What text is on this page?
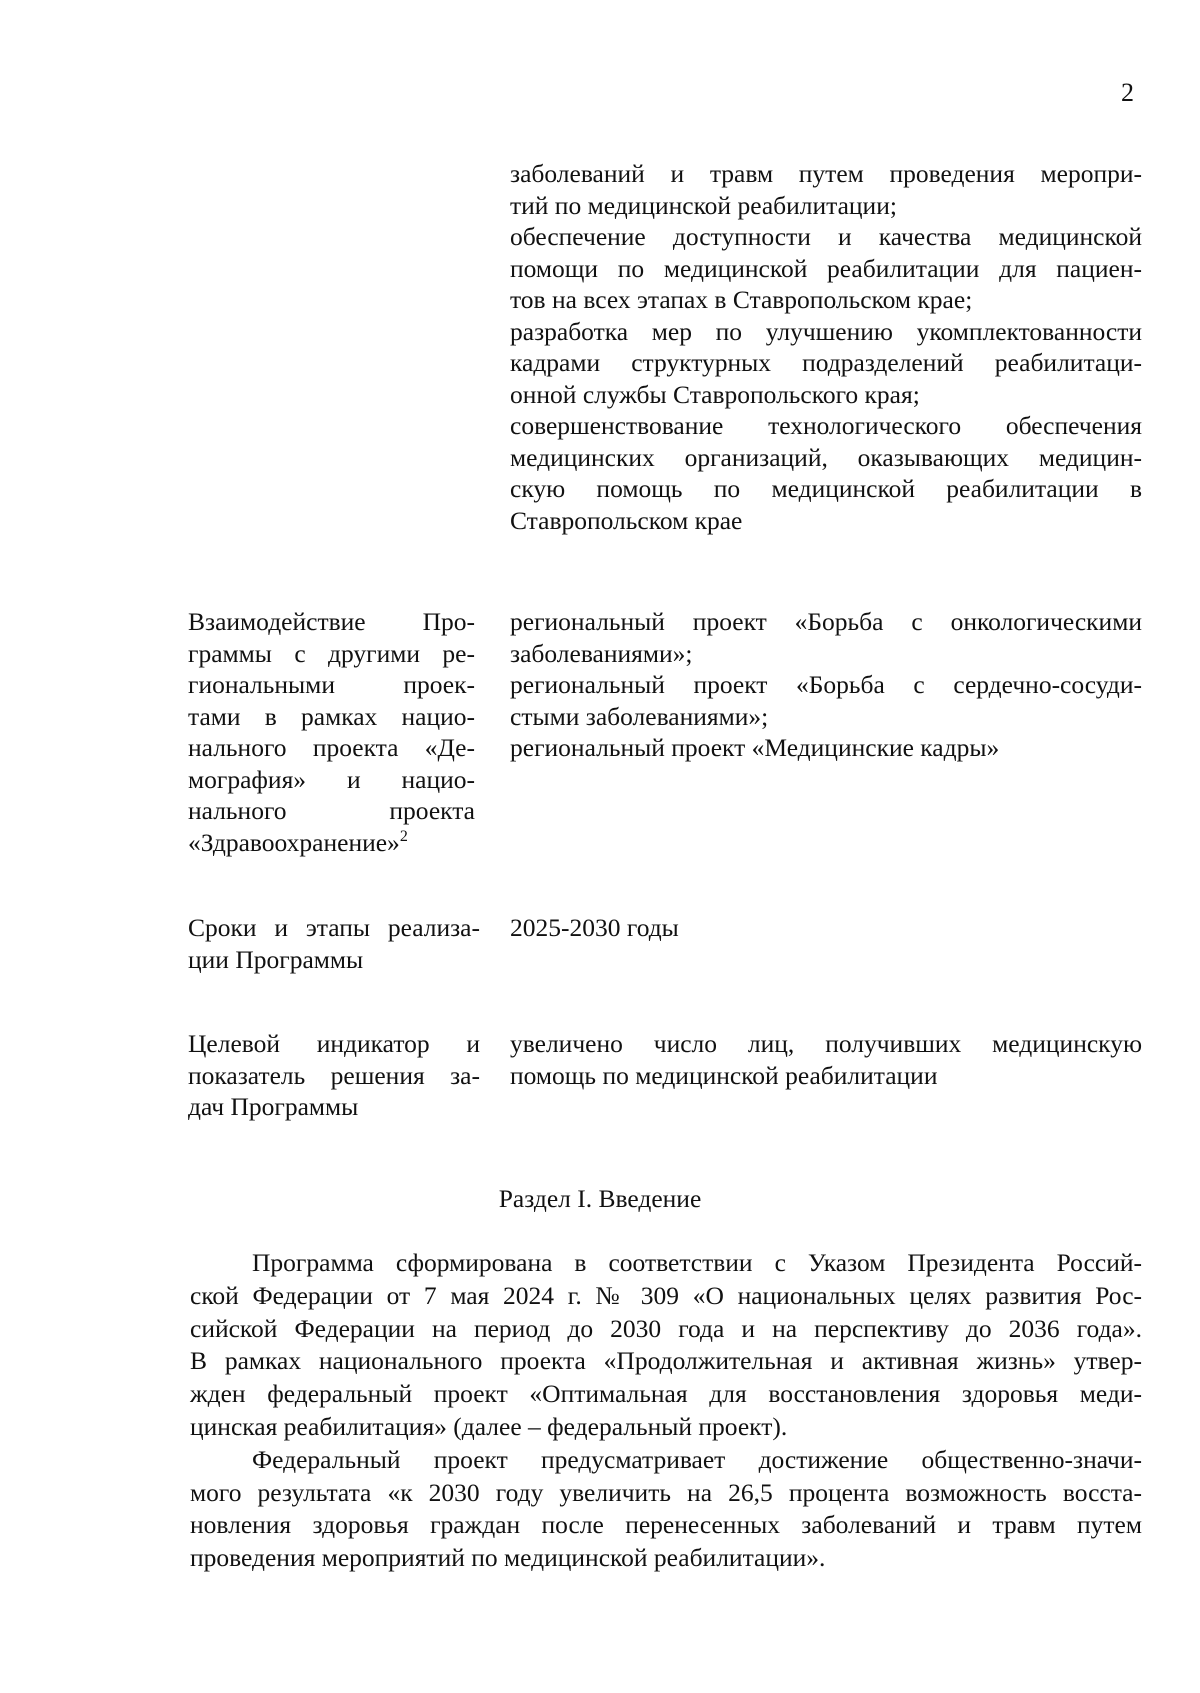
2
заболеваний и травм путем проведения меропри-
тий по медицинской реабилитации;
обеспечение доступности и качества медицинской
помощи по медицинской реабилитации для пациен-
тов на всех этапах в Ставропольском крае;
разработка мер по улучшению укомплектованности
кадрами структурных подразделений реабилитаци-
онной службы Ставропольского края;
совершенствование технологического обеспечения
медицинских организаций, оказывающих медицин-
скую помощь по медицинской реабилитации в
Ставропольском крае
Взаимодействие Про-
граммы с другими ре-
гиональными проек-
тами в рамках нацио-
нального проекта «Де-
мография» и нацио-
нального проекта
«Здравоохранение»$^2$
региональный проект «Борьба с онкологическими
заболеваниями»;
региональный проект «Борьба с сердечно-сосуди-
стыми заболеваниями»;
региональный проект «Медицинские кадры»
Сроки и этапы реализа-
ции Программы
2025-2030 годы
Целевой индикатор и
показатель решения за-
дач Программы
увеличено число лиц, получивших медицинскую
помощь по медицинской реабилитации
Раздел I. Введение
Программа сформирована в соответствии с Указом Президента Россий-
ской Федерации от 7 мая 2024 г. № 309 «О национальных целях развития Рос-
сийской Федерации на период до 2030 года и на перспективу до 2036 года».
В рамках национального проекта «Продолжительная и активная жизнь» утвер-
жден федеральный проект «Оптимальная для восстановления здоровья меди-
цинская реабилитация» (далее – федеральный проект).
Федеральный проект предусматривает достижение общественно-значи-
мого результата «к 2030 году увеличить на 26,5 процента возможность восста-
новления здоровья граждан после перенесенных заболеваний и травм путем
проведения мероприятий по медицинской реабилитации».
